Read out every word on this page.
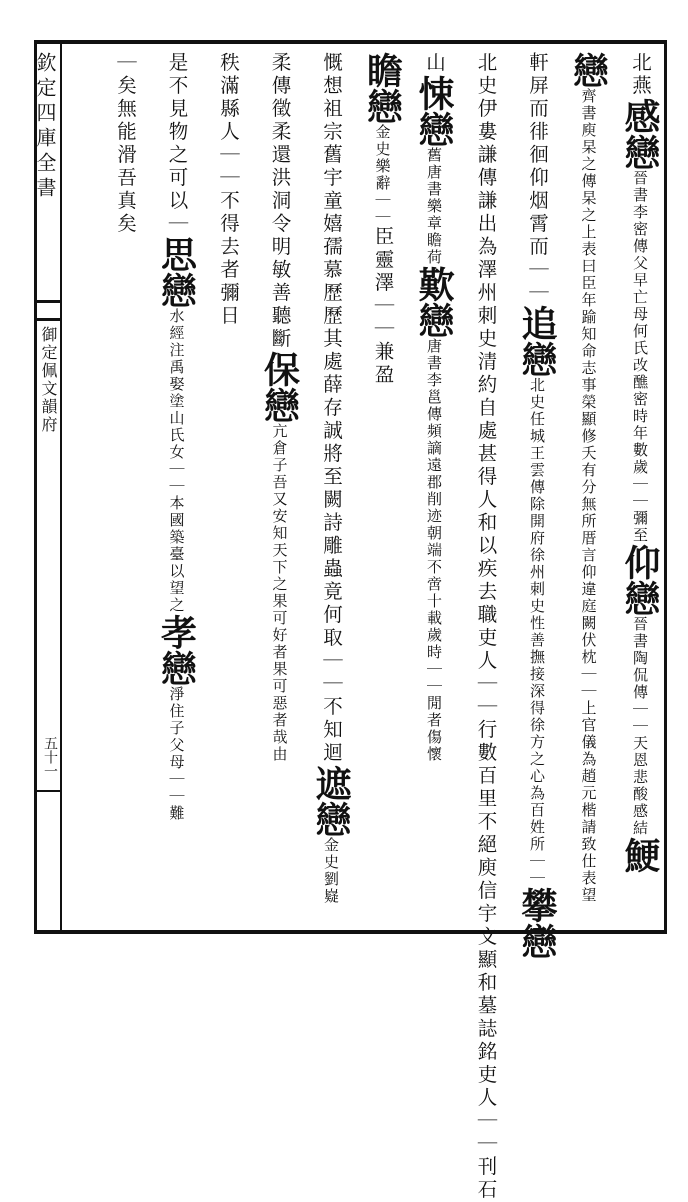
欽定四庫全書
御定佩文韻府
五十一
北燕感戀晉書李密傳父早亡母何氏改醮密時年數歲｜｜彌至仰戀晉書陶侃傳｜｜天恩悲酸感結鯁
戀齊書庾杲之傳杲之上表曰臣年踰知命志事榮顯修夭有分無所厝言仰違庭闕伏枕｜｜上官儀為趙元楷請致仕表望
軒屏而徘徊仰烟霄而｜｜追戀北史任城王雲傳除開府徐州刺史性善撫接深得徐方之心為百姓所｜｜攀戀
北史伊婁謙傳謙出為澤州刺史清約自處甚得人和以疾去職吏人｜｜行數百里不絕庾信宇文顯和墓誌銘吏人｜｜刊石
山悚戀舊唐書樂章瞻荷歎戀唐書李邕傳頻謫遠郡削迹朝端不啻十載歲時｜｜閒者傷懷
瞻戀金史樂辭｜｜臣靈澤｜｜兼盈
慨想祖宗舊宇童嬉孺慕歷歷其處薛存誠將至闕詩雕蟲竟何取｜｜不知迴遮戀金史劉嶷
柔傳徵柔還洪洞令明敏善聽斷保戀亢倉子吾又安知天下之果可好者果可惡者哉由
秩滿縣人｜｜不得去者彌日
是不見物之可以｜思戀水經注禹娶塗山氏女｜｜本國築臺以望之孝戀淨住子父母｜｜難
｜矣無能滑吾真矣
